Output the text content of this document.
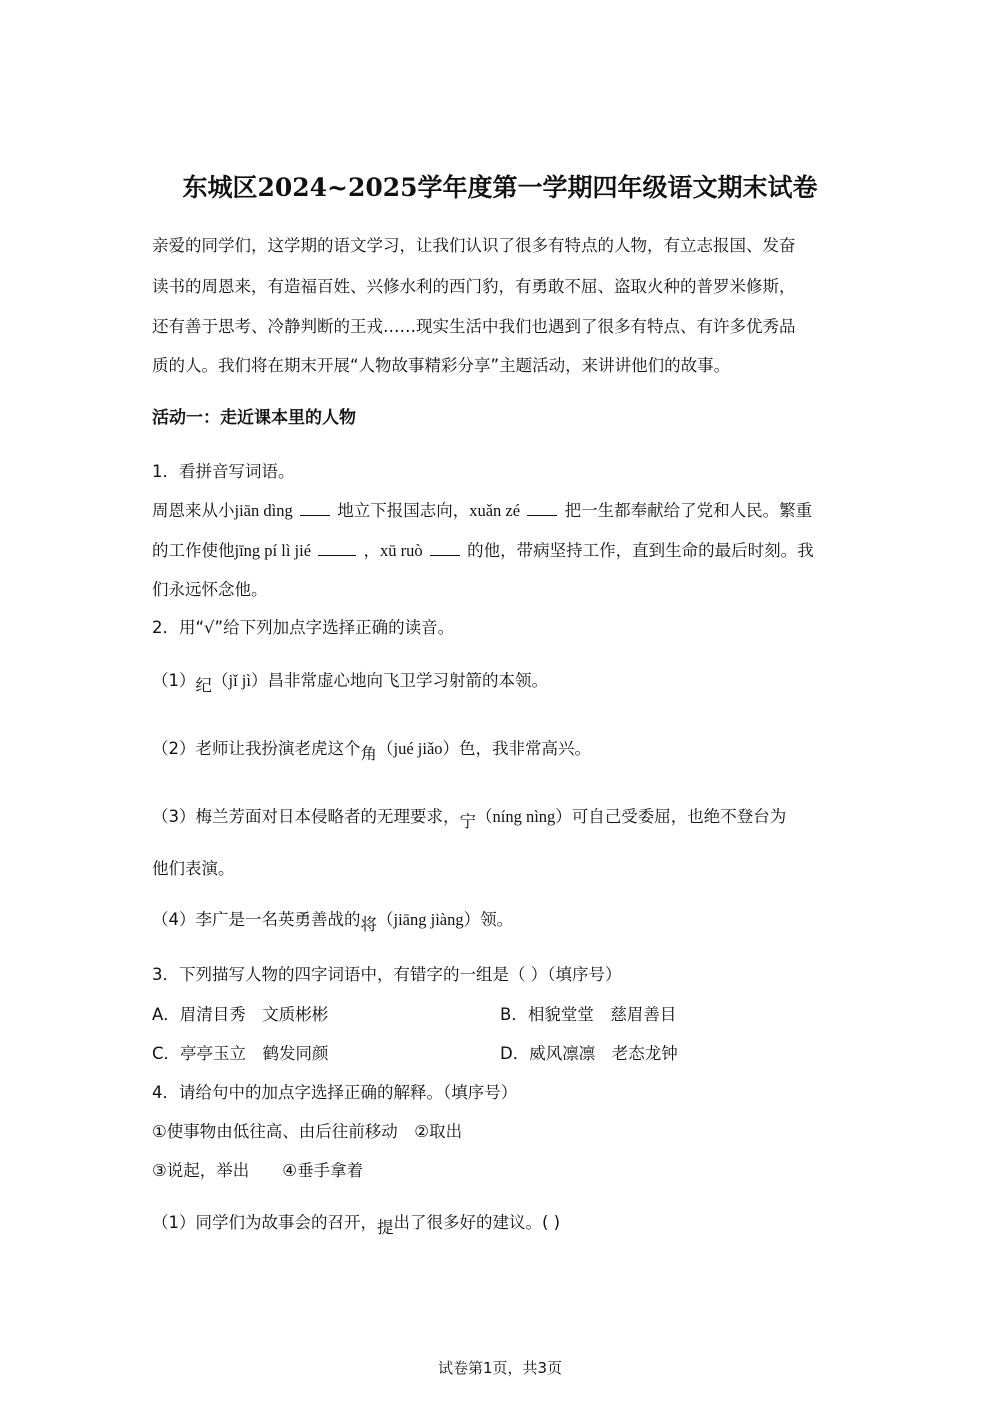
东城区2024~2025学年度第一学期四年级语文期末试卷
亲爱的同学们，这学期的语文学习，让我们认识了很多有特点的人物，有立志报国、发奋
读书的周恩来，有造福百姓、兴修水利的西门豹，有勇敢不屈、盗取火种的普罗米修斯，
还有善于思考、冷静判断的王戎……现实生活中我们也遇到了很多有特点、有许多优秀品
质的人。我们将在期末开展“人物故事精彩分享”主题活动，来讲讲他们的故事。
活动一：走近课本里的人物
1．看拼音写词语。
周恩来从小jiān dìng	地立下报国志向，xuǎn zé	把一生都奉献给了党和人民。繁重
的工作使他jīng pí lì jié	，xū ruò	的他，带病坚持工作，直到生命的最后时刻。我
们永远怀念他。
2．用“√”给下列加点字选择正确的读音。
（1）纪（jǐ jì）昌非常虚心地向飞卫学习射箭的本领。
（2）老师让我扮演老虎这个角（jué jiǎo）色，我非常高兴。
（3）梅兰芳面对日本侵略者的无理要求，宁（níng nìng）可自己受委屈，也绝不登台为
他们表演。
（4）李广是一名英勇善战的将（jiāng jiàng）领。
3．下列描写人物的四字词语中，有错字的一组是（ ）（填序号）
A．眉清目秀　文质彬彬	B．相貌堂堂　慈眉善目
C．亭亭玉立　鹤发同颜	D．威风凛凛　老态龙钟
4．请给句中的加点字选择正确的解释。（填序号）
①使事物由低往高、由后往前移动　②取出
③说起，举出　　④垂手拿着
（1）同学们为故事会的召开，提出了很多好的建议。( )
试卷第1页，共3页
